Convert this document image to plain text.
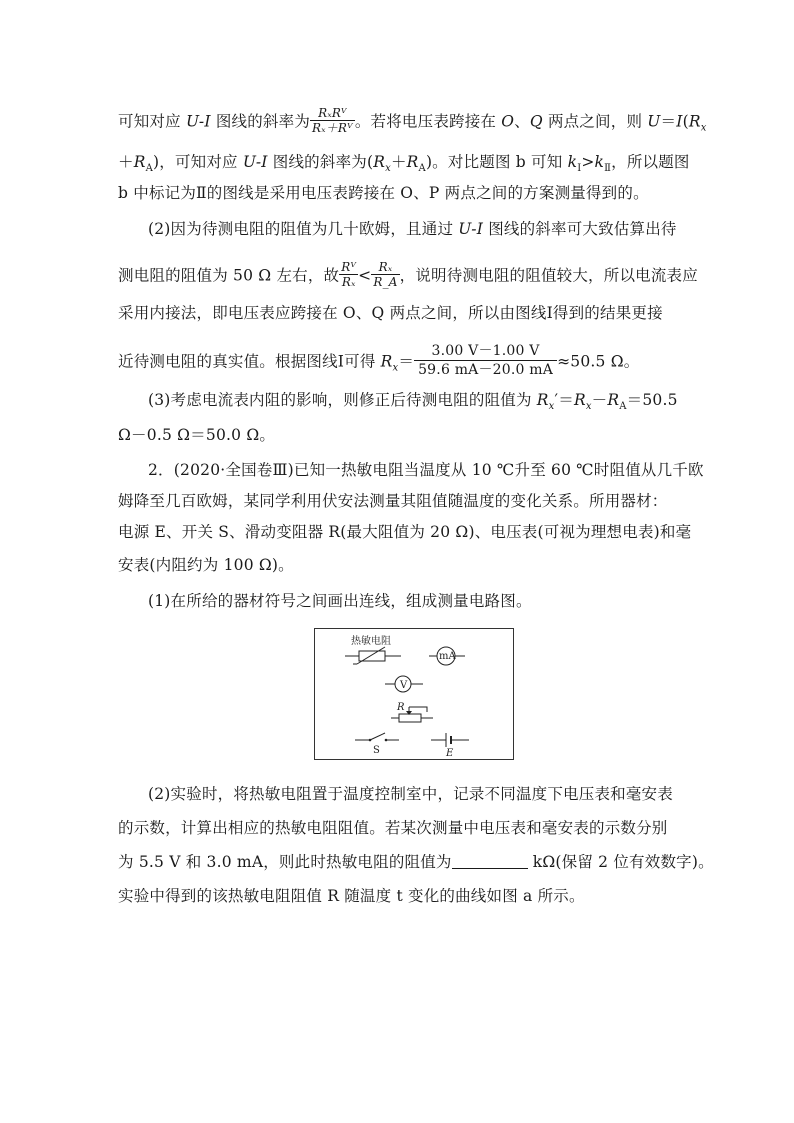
可知对应 U-I 图线的斜率为 $\frac{\text{RₓRⱽ}}{\text{Rₓ＋Rⱽ}}$ 。若将电压表跨接在 O、Q 两点之间，则 $U=I(R_x$
$+R_A$)，可知对应 U-I 图线的斜率为$(R_x+R_A)$。对比题图 b 可知 $k_Ⅰ>k_Ⅱ$，所以题图
b 中标记为Ⅱ的图线是采用电压表跨接在 O、P 两点之间的方案测量得到的。
(2)因为待测电阻的阻值为几十欧姆，且通过 U-I 图线的斜率可大致估算出待
测电阻的阻值为 50 Ω 左右，故 $\frac{\text{Rⱽ}}{\text{Rₓ}} < \frac{\text{Rₓ}}{R\_A}$ ，说明待测电阻的阻值较大，所以电流表应
采用内接法，即电压表应跨接在 O、Q 两点之间，所以由图线Ⅰ得到的结果更接
近待测电阻的真实值。根据图线Ⅰ可得 $R_x= \frac{3.00 V-1.00 V}{59.6 mA-20.0 mA} \approx 50.5$ Ω。
(3)考虑电流表内阻的影响，则修正后待测电阻的阻值为 $R_x'=R_x-R_A=50.5$
Ω－0.5 Ω＝50.0 Ω。
2．(2020·全国卷Ⅲ)已知一热敏电阻当温度从 10 ℃升至 60 ℃时阻值从几千欧
姆降至几百欧姆，某同学利用伏安法测量其阻值随温度的变化关系。所用器材：
电源 E、开关 S、滑动变阻器 R(最大阻值为 20 Ω)、电压表(可视为理想电表)和毫
安表(内阻约为 100 Ω)。
(1)在所给的器材符号之间画出连线，组成测量电路图。
热敏电阻
mA
V
R
S	E
(2)实验时，将热敏电阻置于温度控制室中，记录不同温度下电压表和毫安表
的示数，计算出相应的热敏电阻阻值。若某次测量中电压表和毫安表的示数分别
为 5.5 V 和 3.0 mA，则此时热敏电阻的阻值为	kΩ(保留 2 位有效数字)。
实验中得到的该热敏电阻阻值 R 随温度 t 变化的曲线如图 a 所示。
